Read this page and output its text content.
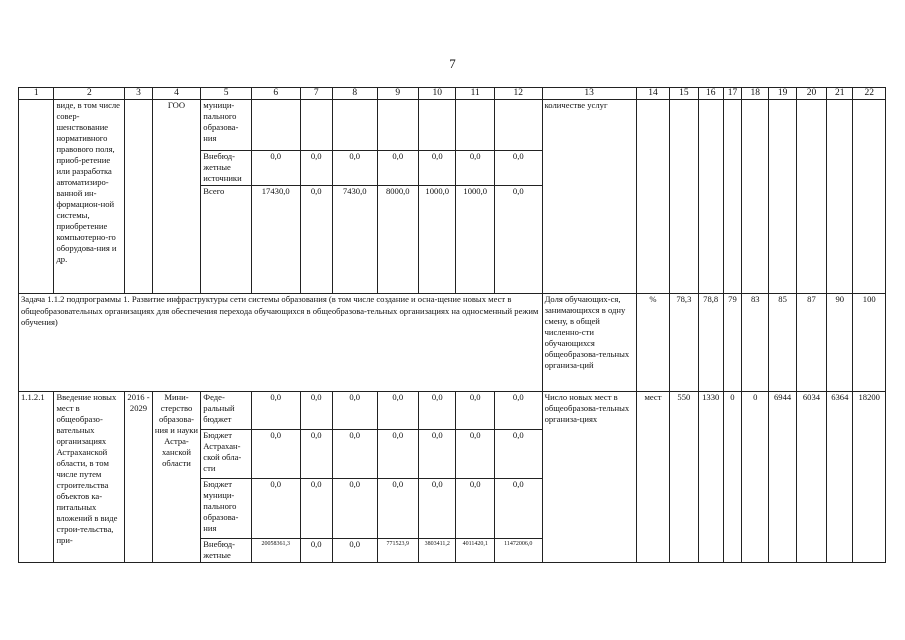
7
1	2	3	4	5	6	7	8	9	10	11	12	13	14	15	16	17	18	19	20	21	22
	виде, в том числе совер-шенствование нормативного правового поля, приоб-ретение или разработка автоматизиро-ванной ин-формацион-ной системы, приобретение компьютерно-го оборудова-ния и др.		ГОО	муници-пального образова-ния								количестве услуг									
				Внебюд-жетные источники	0,0	0,0	0,0	0,0	0,0	0,0	0,0										
				Всего	17430,0	0,0	7430,0	8000,0	1000,0	1000,0	0,0										
Задача 1.1.2 подпрограммы 1. Развитие инфраструктуры сети системы образования (в том числе создание и осна-щение новых мест в общеобразовательных организациях для обеспечения перехода обучающихся в общеобразова-тельных организациях на односменный режим обучения)												Доля обучающих-ся, занимающихся в одну смену, в общей численно-сти обучающихся общеобразова-тельных организа-ций	%	78,3	78,8	79	83	85	87	90	100
1.1.2.1	Введение новых мест в общеобразо-вательных организациях Астраханской области, в том числе путем строительства объектов ка-питальных вложений в виде строи-тельства, при-	2016 - 2029	Мини-стерство образова-ния и науки Астра-ханской области	Феде-ральный бюджет	0,0	0,0	0,0	0,0	0,0	0,0	0,0	Число новых мест в общеобразова-тельных организа-циях	мест	550	1330	0	0	6944	6034	6364	18200
				Бюджет Астрахан-ской обла-сти	0,0	0,0	0,0	0,0	0,0	0,0	0,0										
				Бюджет муници-пального образова-ния	0,0	0,0	0,0	0,0	0,0	0,0	0,0										
				Внебюд-жетные	20058361,3	0,0	0,0	771523,9	3803411,2	4011420,1	11472006,0										
